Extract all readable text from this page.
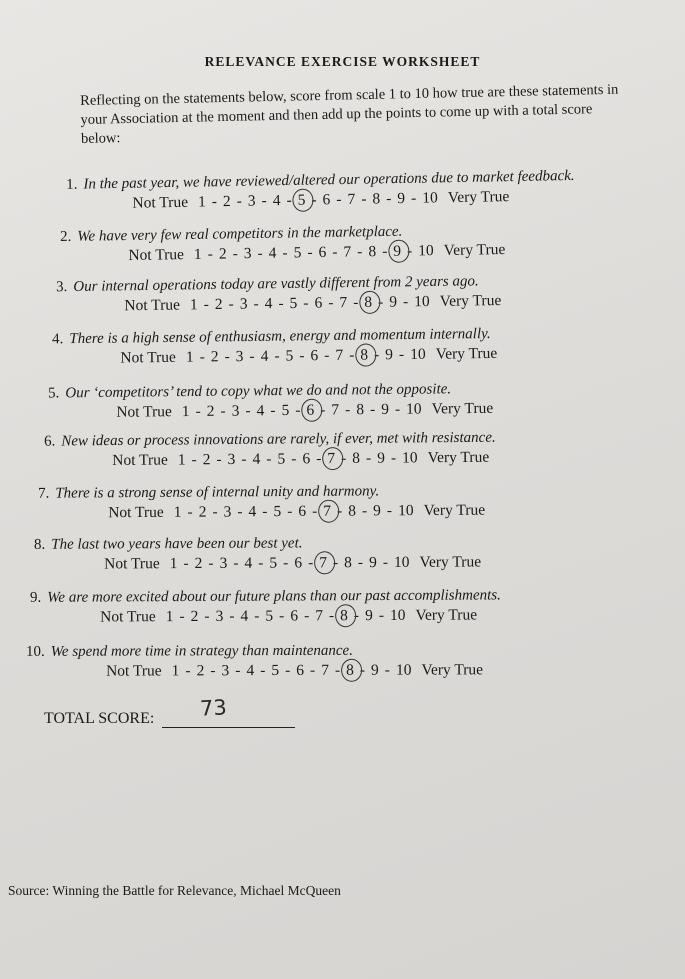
RELEVANCE EXERCISE WORKSHEET
Reflecting on the statements below, score from scale 1 to 10 how true are these statements in your Association at the moment and then add up the points to come up with a total score below:
1. In the past year, we have reviewed/altered our operations due to market feedback.
Not True 1 - 2 - 3 - 4 - 5 - 6 - 7 - 8 - 9 - 10 Very True
2. We have very few real competitors in the marketplace.
Not True 1 - 2 - 3 - 4 - 5 - 6 - 7 - 8 - 9 - 10 Very True
3. Our internal operations today are vastly different from 2 years ago.
Not True 1 - 2 - 3 - 4 - 5 - 6 - 7 - 8 - 9 - 10 Very True
4. There is a high sense of enthusiasm, energy and momentum internally.
Not True 1 - 2 - 3 - 4 - 5 - 6 - 7 - 8 - 9 - 10 Very True
5. Our ‘competitors’ tend to copy what we do and not the opposite.
Not True 1 - 2 - 3 - 4 - 5 - 6 - 7 - 8 - 9 - 10 Very True
6. New ideas or process innovations are rarely, if ever, met with resistance.
Not True 1 - 2 - 3 - 4 - 5 - 6 - 7 - 8 - 9 - 10 Very True
7. There is a strong sense of internal unity and harmony.
Not True 1 - 2 - 3 - 4 - 5 - 6 - 7 - 8 - 9 - 10 Very True
8. The last two years have been our best yet.
Not True 1 - 2 - 3 - 4 - 5 - 6 - 7 - 8 - 9 - 10 Very True
9. We are more excited about our future plans than our past accomplishments.
Not True 1 - 2 - 3 - 4 - 5 - 6 - 7 - 8 - 9 - 10 Very True
10. We spend more time in strategy than maintenance.
Not True 1 - 2 - 3 - 4 - 5 - 6 - 7 - 8 - 9 - 10 Very True
TOTAL SCORE: 73
Source: Winning the Battle for Relevance, Michael McQueen
